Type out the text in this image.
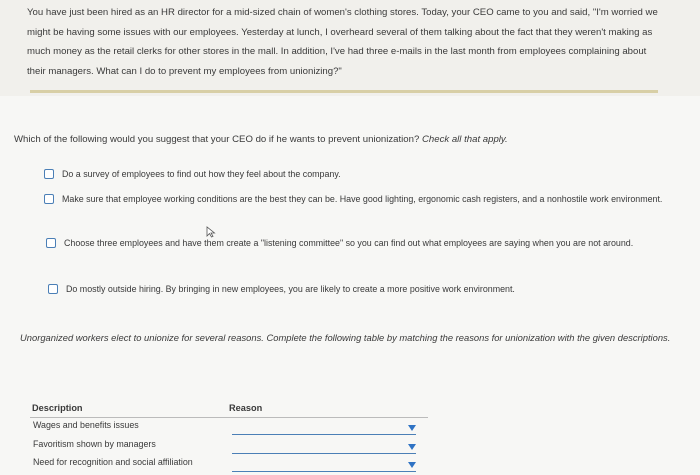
You have just been hired as an HR director for a mid-sized chain of women's clothing stores. Today, your CEO came to you and said, "I'm worried we might be having some issues with our employees. Yesterday at lunch, I overheard several of them talking about the fact that they weren't making as much money as the retail clerks for other stores in the mall. In addition, I've had three e-mails in the last month from employees complaining about their managers. What can I do to prevent my employees from unionizing?"

Which of the following would you suggest that your CEO do if he wants to prevent unionization? Check all that apply.

Do a survey of employees to find out how they feel about the company.
Make sure that employee working conditions are the best they can be. Have good lighting, ergonomic cash registers, and a nonhostile work environment.
Choose three employees and have them create a "listening committee" so you can find out what employees are saying when you are not around.
Do mostly outside hiring. By bringing in new employees, you are likely to create a more positive work environment.

Unorganized workers elect to unionize for several reasons. Complete the following table by matching the reasons for unionization with the given descriptions.

Description	Reason
Wages and benefits issues
Favoritism shown by managers
Need for recognition and social affiliation
